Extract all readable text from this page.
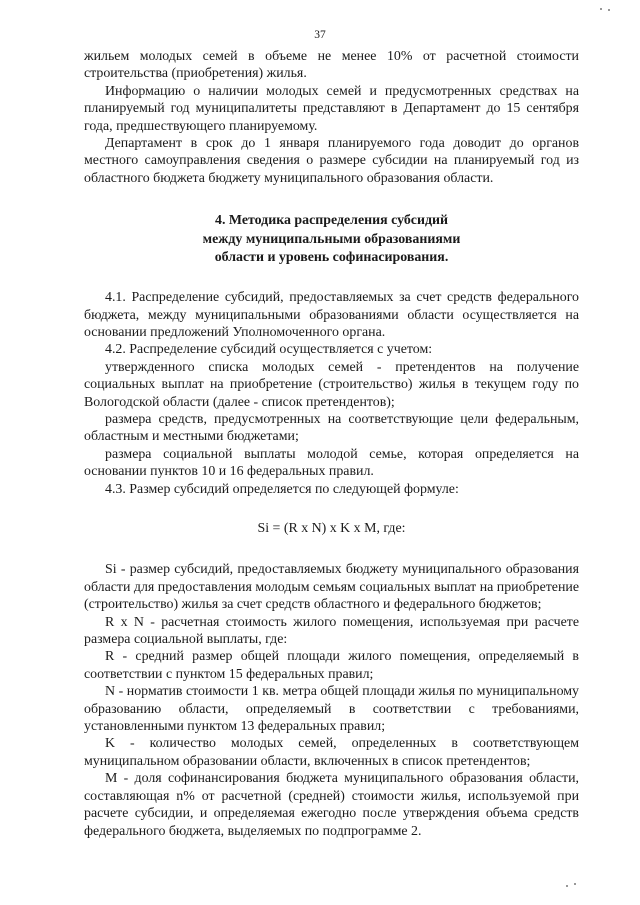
37

жильем молодых семей в объеме не менее 10% от расчетной стоимости строительства (приобретения) жилья.

Информацию о наличии молодых семей и предусмотренных средствах на планируемый год муниципалитеты представляют в Департамент до 15 сентября года, предшествующего планируемому.

Департамент в срок до 1 января планируемого года доводит до органов местного самоуправления сведения о размере субсидии на планируемый год из областного бюджета бюджету муниципального образования области.

4. Методика распределения субсидий
между муниципальными образованиями
области и уровень софинасирования.

4.1. Распределение субсидий, предоставляемых за счет средств федерального бюджета, между муниципальными образованиями области осуществляется на основании предложений Уполномоченного органа.

4.2. Распределение субсидий осуществляется с учетом:

утвержденного списка молодых семей - претендентов на получение социальных выплат на приобретение (строительство) жилья в текущем году по Вологодской области (далее - список претендентов);

размера средств, предусмотренных на соответствующие цели федеральным, областным и местными бюджетами;

размера социальной выплаты молодой семье, которая определяется на основании пунктов 10 и 16 федеральных правил.

4.3. Размер субсидий определяется по следующей формуле:

Si = (R x N) x K x M, где:

Si - размер субсидий, предоставляемых бюджету муниципального образования области для предоставления молодым семьям социальных выплат на приобретение (строительство) жилья за счет средств областного и федерального бюджетов;

R x N - расчетная стоимость жилого помещения, используемая при расчете размера социальной выплаты, где:

R - средний размер общей площади жилого помещения, определяемый в соответствии с пунктом 15 федеральных правил;

N - норматив стоимости 1 кв. метра общей площади жилья по муниципальному образованию области, определяемый в соответствии с требованиями, установленными пунктом 13 федеральных правил;

K - количество молодых семей, определенных в соответствующем муниципальном образовании области, включенных в список претендентов;

M - доля софинансирования бюджета муниципального образования области, составляющая n% от расчетной (средней) стоимости жилья, используемой при расчете субсидии, и определяемая ежегодно после утверждения объема средств федерального бюджета, выделяемых по подпрограмме 2.
